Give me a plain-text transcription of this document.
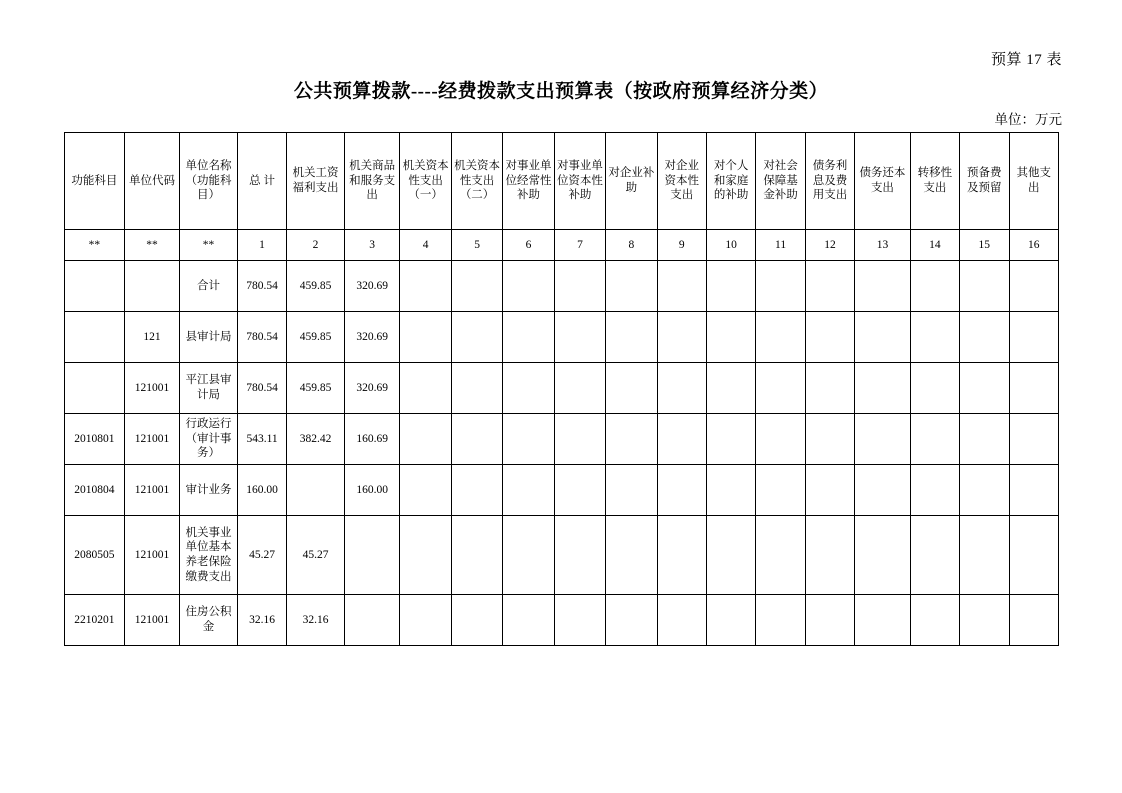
预算 17 表
公共预算拨款----经费拨款支出预算表（按政府预算经济分类）
单位：万元
功能科目	单位代码	单位名称（功能科目）	总 计	机关工资福利支出	机关商品和服务支出	机关资本性支出（一）	机关资本性支出（二）	对事业单位经常性补助	对事业单位资本性补助	对企业补助	对企业资本性支出	对个人和家庭的补助	对社会保障基金补助	债务利息及费用支出	债务还本支出	转移性支出	预备费及预留	其他支出
**	**	**	1	2	3	4	5	6	7	8	9	10	11	12	13	14	15	16
		合计	780.54	459.85	320.69													
	121	县审计局	780.54	459.85	320.69													
	121001	平江县审计局	780.54	459.85	320.69													
2010801	121001	行政运行（审计事务）	543.11	382.42	160.69													
2010804	121001	审计业务	160.00		160.00													
2080505	121001	机关事业单位基本养老保险缴费支出	45.27	45.27														
2210201	121001	住房公积金	32.16	32.16														
